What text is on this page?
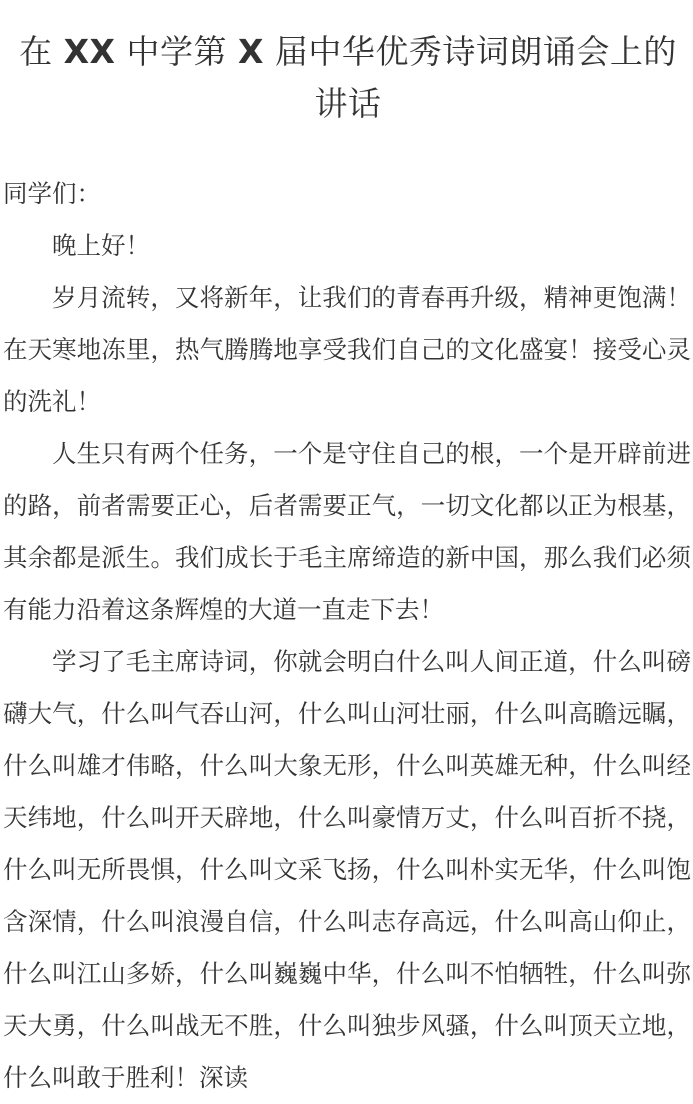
在 XX 中学第 X 届中华优秀诗词朗诵会上的讲话

同学们：

晚上好！

岁月流转，又将新年，让我们的青春再升级，精神更饱满！在天寒地冻里，热气腾腾地享受我们自己的文化盛宴！接受心灵的洗礼！

人生只有两个任务，一个是守住自己的根，一个是开辟前进的路，前者需要正心，后者需要正气，一切文化都以正为根基，其余都是派生。我们成长于毛主席缔造的新中国，那么我们必须有能力沿着这条辉煌的大道一直走下去！

学习了毛主席诗词，你就会明白什么叫人间正道，什么叫磅礴大气，什么叫气吞山河，什么叫山河壮丽，什么叫高瞻远瞩，什么叫雄才伟略，什么叫大象无形，什么叫英雄无种，什么叫经天纬地，什么叫开天辟地，什么叫豪情万丈，什么叫百折不挠，什么叫无所畏惧，什么叫文采飞扬，什么叫朴实无华，什么叫饱含深情，什么叫浪漫自信，什么叫志存高远，什么叫高山仰止，什么叫江山多娇，什么叫巍巍中华，什么叫不怕牺牲，什么叫弥天大勇，什么叫战无不胜，什么叫独步风骚，什么叫顶天立地，什么叫敢于胜利！深读
